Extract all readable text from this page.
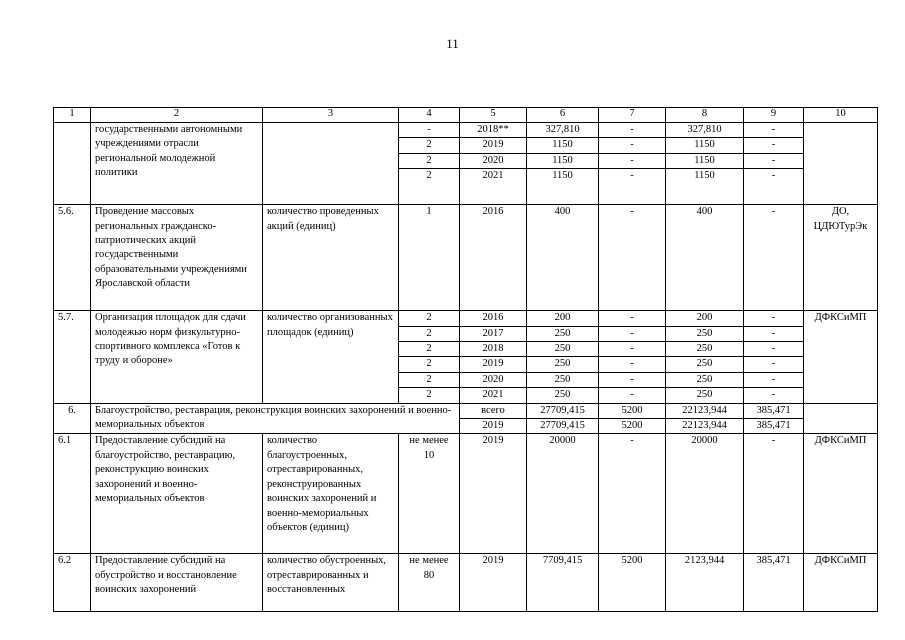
11
1	2	3	4	5	6	7	8	9	10
	государственными автономными учреждениями отрасли региональной молодежной политики		-	2018**	327,810	-	327,810	-	
			2	2019	1150	-	1150	-	
			2	2020	1150	-	1150	-	
			2	2021	1150	-	1150	-	
5.6.	Проведение массовых региональных гражданско-патриотических акций государственными образовательными учреждениями Ярославской области	количество проведенных акций (единиц)	1	2016	400	-	400	-	ДО, ЦДЮТурЭк
5.7.	Организация площадок для сдачи молодежью норм физкультурно-спортивного комплекса «Готов к труду и обороне»	количество организованных площадок (единиц)	2	2016	200	-	200	-	ДФКСиМП
			2	2017	250	-	250	-	
			2	2018	250	-	250	-	
			2	2019	250	-	250	-	
			2	2020	250	-	250	-	
			2	2021	250	-	250	-	
6.	Благоустройство, реставрация, реконструкция воинских захоронений и военно-мемориальных объектов			всего	27709,415	5200	22123,944	385,471	
				2019	27709,415	5200	22123,944	385,471	
6.1	Предоставление субсидий на благоустройство, реставрацию, реконструкцию воинских захоронений и военно-мемориальных объектов	количество благоустроенных, отреставрированных, реконструированных воинских захоронений и военно-мемориальных объектов (единиц)	не менее 10	2019	20000	-	20000	-	ДФКСиМП
6.2	Предоставление субсидий на обустройство и восстановление воинских захоронений	количество обустроенных, отреставрированных и восстановленных	не менее 80	2019	7709,415	5200	2123,944	385,471	ДФКСиМП
